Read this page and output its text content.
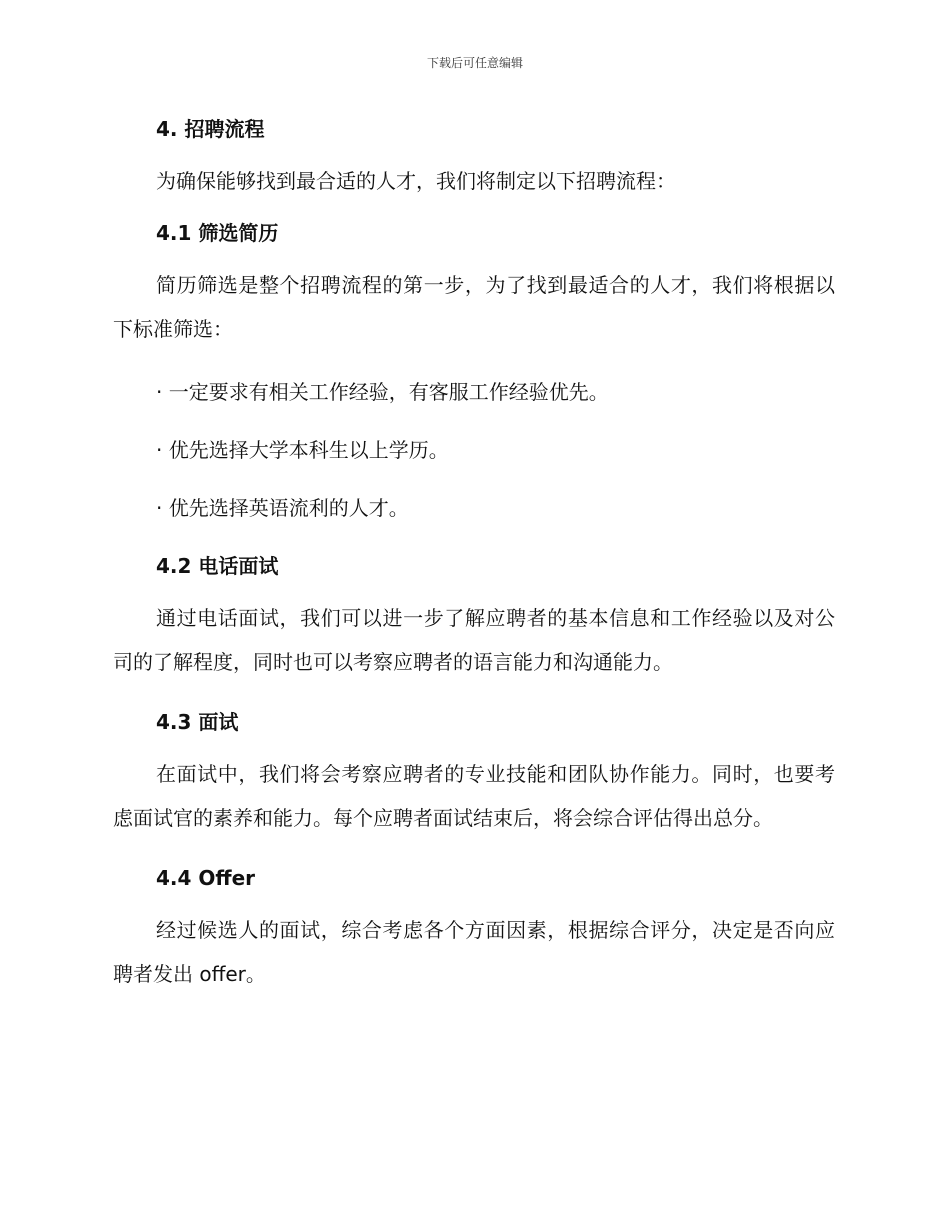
下载后可任意编辑
4. 招聘流程

为确保能够找到最合适的人才，我们将制定以下招聘流程：

4.1 筛选简历

简历筛选是整个招聘流程的第一步，为了找到最适合的人才，我们将根据以下标准筛选：

· 一定要求有相关工作经验，有客服工作经验优先。

· 优先选择大学本科生以上学历。

· 优先选择英语流利的人才。

4.2 电话面试

通过电话面试，我们可以进一步了解应聘者的基本信息和工作经验以及对公司的了解程度，同时也可以考察应聘者的语言能力和沟通能力。

4.3 面试

在面试中，我们将会考察应聘者的专业技能和团队协作能力。同时，也要考虑面试官的素养和能力。每个应聘者面试结束后，将会综合评估得出总分。

4.4 Offer

经过候选人的面试，综合考虑各个方面因素，根据综合评分，决定是否向应聘者发出 offer。
